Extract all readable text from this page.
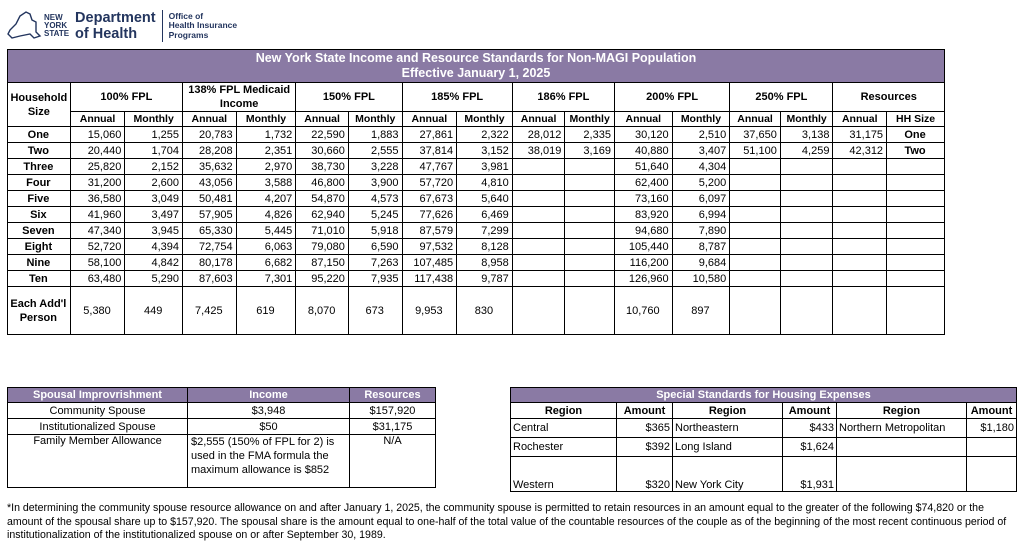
NEW
YORK
STATE
Department
of Health
Office of
Health Insurance
Programs
New York State Income and Resource Standards for Non-MAGI Population
Effective January 1, 2025																

Household Size	100% FPL		138% FPL Medicaid Income		150% FPL		185% FPL		186% FPL		200% FPL		250% FPL		Resources	
	Annual	Monthly	Annual	Monthly	Annual	Monthly	Annual	Monthly	Annual	Monthly	Annual	Monthly	Annual	Monthly	Annual	HH Size
One	15,060	1,255	20,783	1,732	22,590	1,883	27,861	2,322	28,012	2,335	30,120	2,510	37,650	3,138	31,175	One
Two	20,440	1,704	28,208	2,351	30,660	2,555	37,814	3,152	38,019	3,169	40,880	3,407	51,100	4,259	42,312	Two
Three	25,820	2,152	35,632	2,970	38,730	3,228	47,767	3,981			51,640	4,304				
Four	31,200	2,600	43,056	3,588	46,800	3,900	57,720	4,810			62,400	5,200				
Five	36,580	3,049	50,481	4,207	54,870	4,573	67,673	5,640			73,160	6,097				
Six	41,960	3,497	57,905	4,826	62,940	5,245	77,626	6,469			83,920	6,994				
Seven	47,340	3,945	65,330	5,445	71,010	5,918	87,579	7,299			94,680	7,890				
Eight	52,720	4,394	72,754	6,063	79,080	6,590	97,532	8,128			105,440	8,787				
Nine	58,100	4,842	80,178	6,682	87,150	7,263	107,485	8,958			116,200	9,684				
Ten	63,480	5,290	87,603	7,301	95,220	7,935	117,438	9,787			126,960	10,580				
Each Add'l Person	5,380	449	7,425	619	8,070	673	9,953	830			10,760	897				
Spousal Improvrishment	Income	Resources
Community Spouse	$3,948	$157,920
Institutionalized Spouse	$50	$31,175
Family Member Allowance	$2,555 (150% of FPL for 2) is used in the FMA formula the maximum allowance is $852	N/A
Special Standards for Housing Expenses					
Region	Amount	Region	Amount	Region	Amount
Central	$365	Northeastern	$433	Northern Metropolitan	$1,180
Rochester	$392	Long Island	$1,624		
Western	$320	New York City	$1,931		
*In determining the community spouse resource allowance on and after January 1, 2025, the community spouse is permitted to retain resources in an amount equal to the greater of the following $74,820 or the amount of the spousal share up to $157,920. The spousal share is the amount equal to one-half of the total value of the countable resources of the couple as of the beginning of the most recent continuous period of institutionalization of the institutionalized spouse on or after September 30, 1989.
